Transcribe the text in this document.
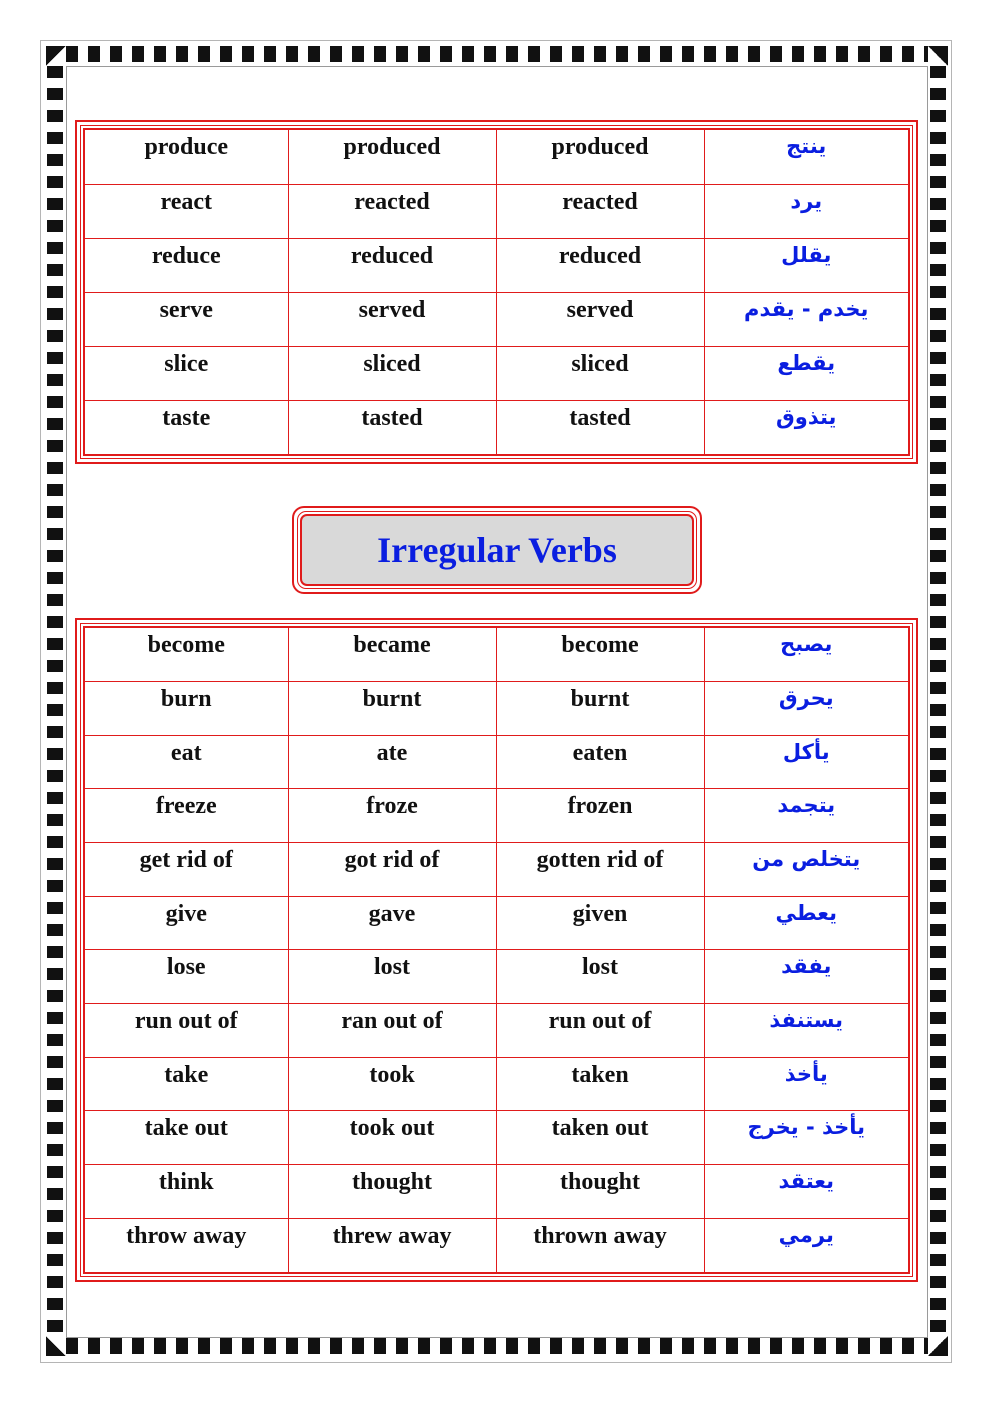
produce	produced	produced	ينتج
react	reacted	reacted	يرد
reduce	reduced	reduced	يقلل
serve	served	served	يخدم - يقدم
slice	sliced	sliced	يقطع
taste	tasted	tasted	يتذوق
Irregular Verbs
become	became	become	يصبح
burn	burnt	burnt	يحرق
eat	ate	eaten	يأكل
freeze	froze	frozen	يتجمد
get rid of	got rid of	gotten rid of	يتخلص من
give	gave	given	يعطي
lose	lost	lost	يفقد
run out of	ran out of	run out of	يستنفذ
take	took	taken	يأخذ
take out	took out	taken out	يأخذ - يخرج
think	thought	thought	يعتقد
throw away	threw away	thrown away	يرمي
